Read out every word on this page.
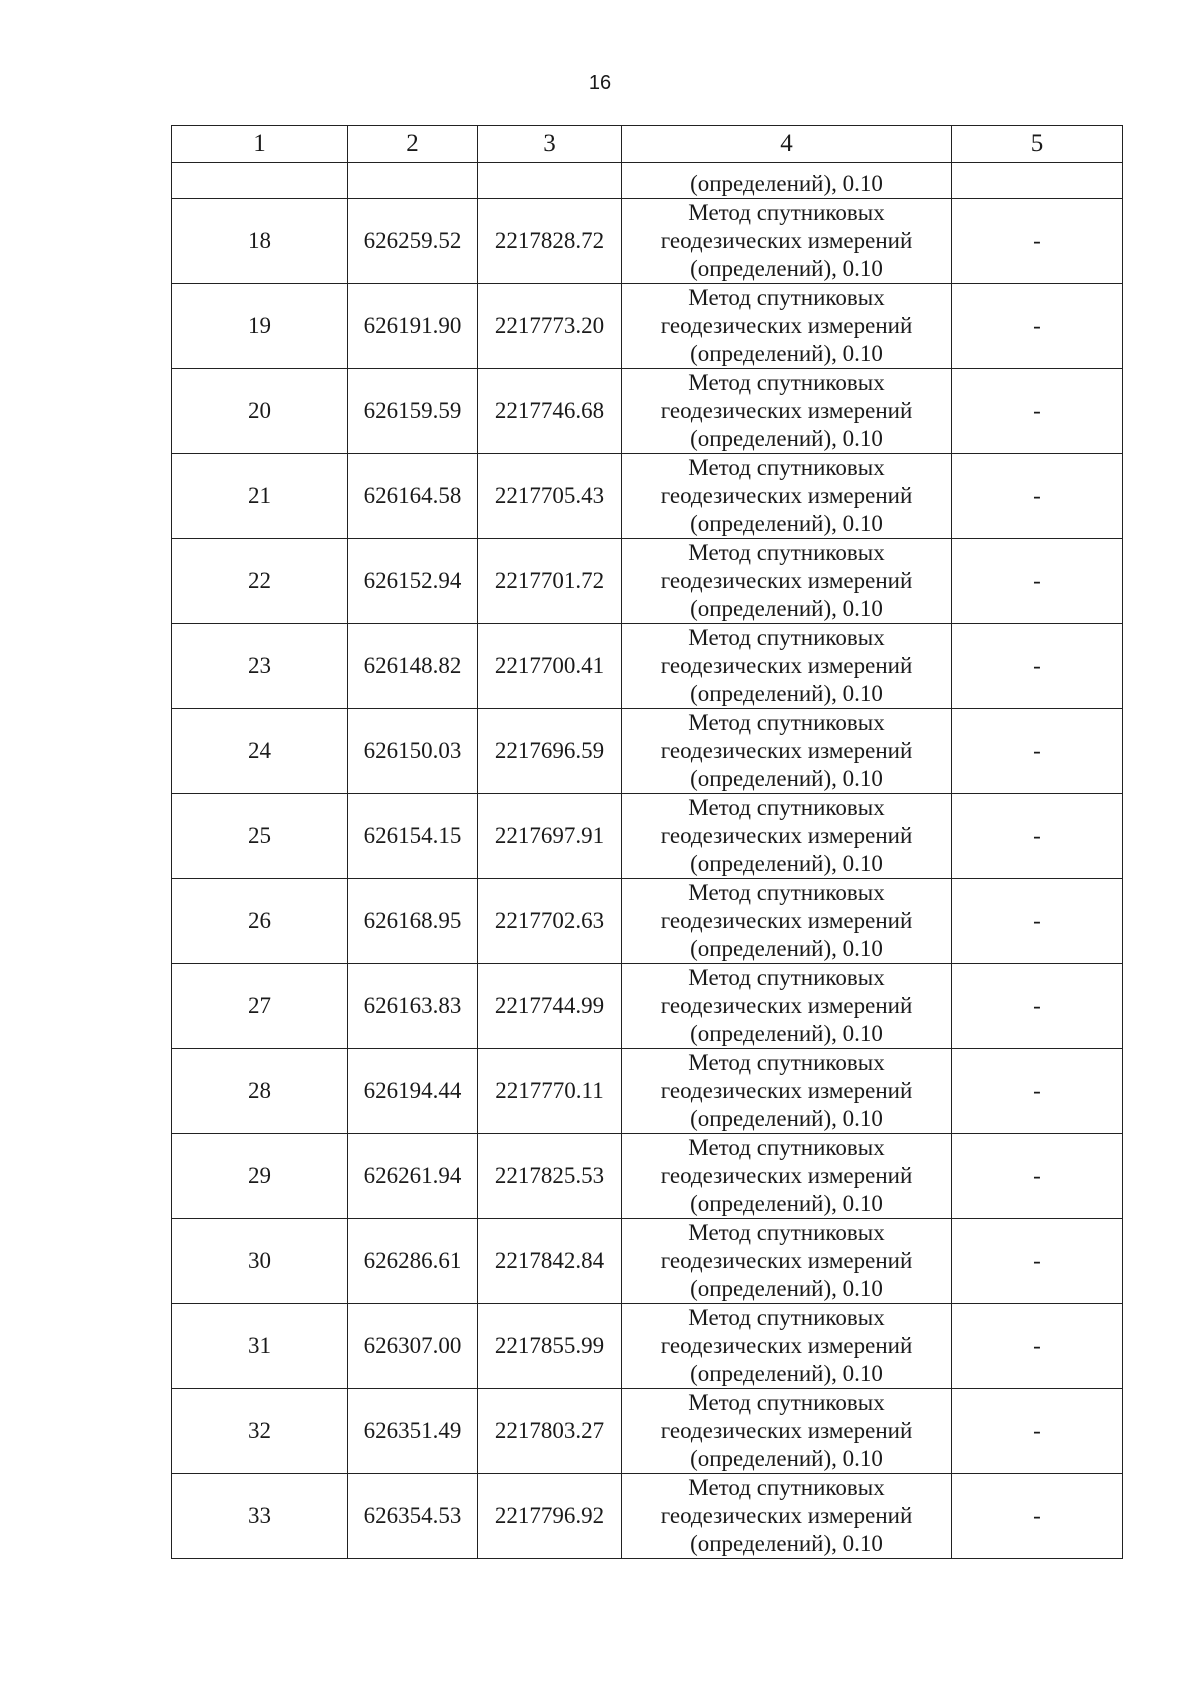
16
1	2	3	4	5
			(определений), 0.10	
18	626259.52	2217828.72	Метод спутниковых
геодезических измерений
(определений), 0.10	-
19	626191.90	2217773.20	Метод спутниковых
геодезических измерений
(определений), 0.10	-
20	626159.59	2217746.68	Метод спутниковых
геодезических измерений
(определений), 0.10	-
21	626164.58	2217705.43	Метод спутниковых
геодезических измерений
(определений), 0.10	-
22	626152.94	2217701.72	Метод спутниковых
геодезических измерений
(определений), 0.10	-
23	626148.82	2217700.41	Метод спутниковых
геодезических измерений
(определений), 0.10	-
24	626150.03	2217696.59	Метод спутниковых
геодезических измерений
(определений), 0.10	-
25	626154.15	2217697.91	Метод спутниковых
геодезических измерений
(определений), 0.10	-
26	626168.95	2217702.63	Метод спутниковых
геодезических измерений
(определений), 0.10	-
27	626163.83	2217744.99	Метод спутниковых
геодезических измерений
(определений), 0.10	-
28	626194.44	2217770.11	Метод спутниковых
геодезических измерений
(определений), 0.10	-
29	626261.94	2217825.53	Метод спутниковых
геодезических измерений
(определений), 0.10	-
30	626286.61	2217842.84	Метод спутниковых
геодезических измерений
(определений), 0.10	-
31	626307.00	2217855.99	Метод спутниковых
геодезических измерений
(определений), 0.10	-
32	626351.49	2217803.27	Метод спутниковых
геодезических измерений
(определений), 0.10	-
33	626354.53	2217796.92	Метод спутниковых
геодезических измерений
(определений), 0.10	-
